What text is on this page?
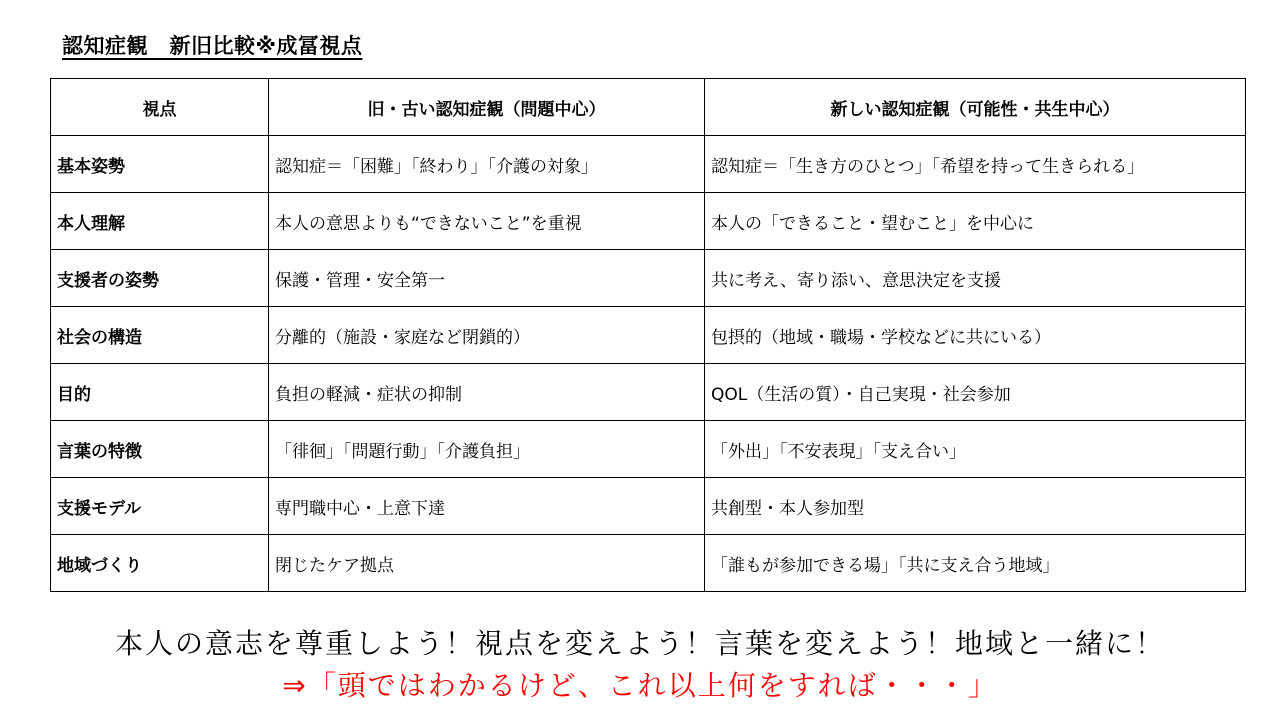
認知症観　新旧比較※成冨視点
視点	旧・古い認知症観（問題中心）	新しい認知症観（可能性・共生中心）
基本姿勢	認知症＝「困難」「終わり」「介護の対象」	認知症＝「生き方のひとつ」「希望を持って生きられる」
本人理解	本人の意思よりも“できないこと”を重視	本人の「できること・望むこと」を中心に
支援者の姿勢	保護・管理・安全第一	共に考え、寄り添い、意思決定を支援
社会の構造	分離的（施設・家庭など閉鎖的）	包摂的（地域・職場・学校などに共にいる）
目的	負担の軽減・症状の抑制	QOL（生活の質）・自己実現・社会参加
言葉の特徴	「徘徊」「問題行動」「介護負担」	「外出」「不安表現」「支え合い」
支援モデル	専門職中心・上意下達	共創型・本人参加型
地域づくり	閉じたケア拠点	「誰もが参加できる場」「共に支え合う地域」
本人の意志を尊重しよう！視点を変えよう！言葉を変えよう！地域と一緒に！
⇒「頭ではわかるけど、これ以上何をすれば・・・」
